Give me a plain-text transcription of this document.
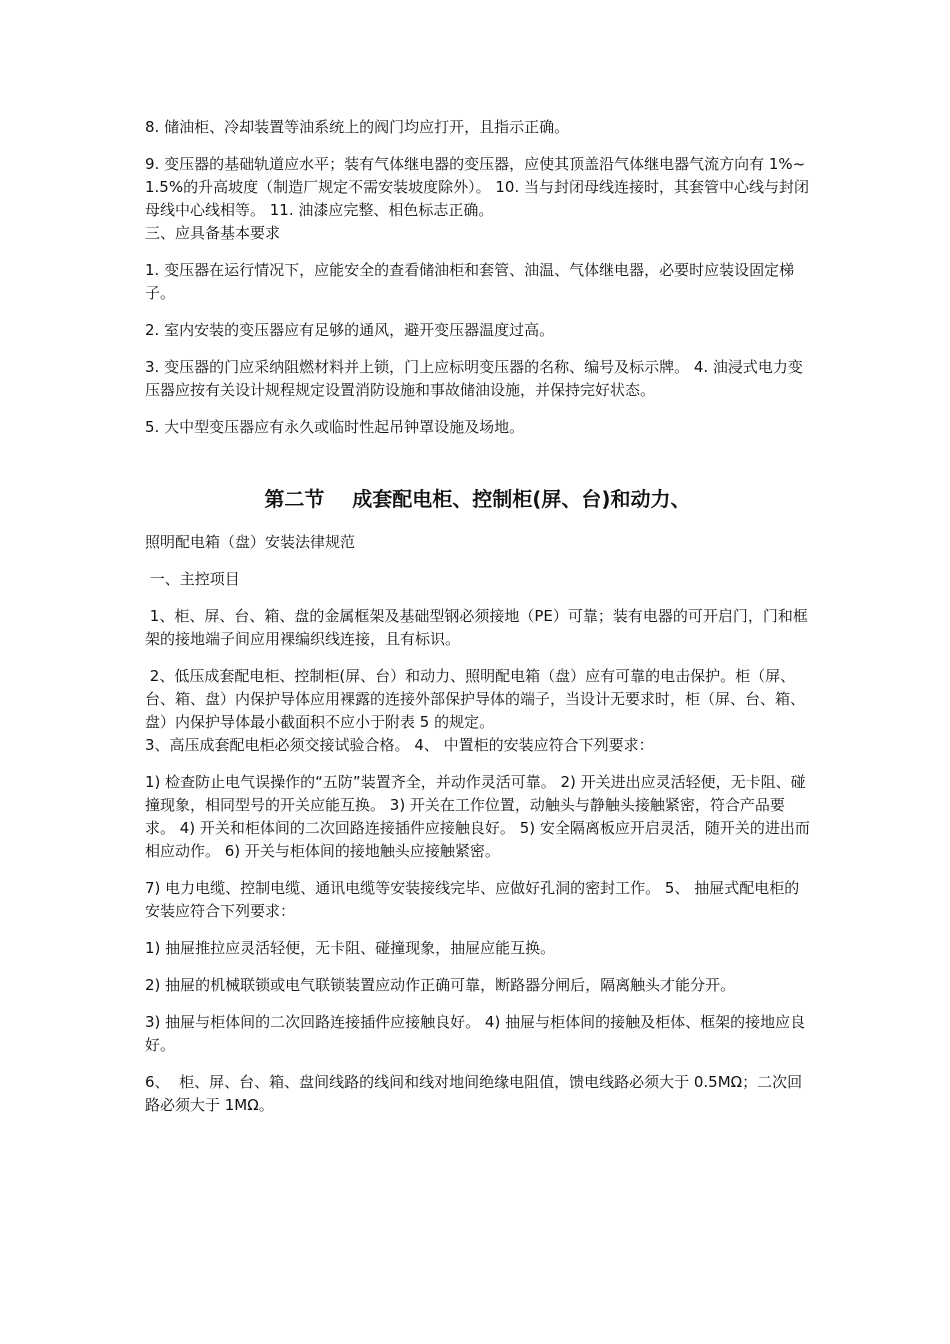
8. 储油柜、冷却装置等油系统上的阀门均应打开，且指示正确。

9. 变压器的基础轨道应水平；装有气体继电器的变压器，应使其顶盖沿气体继电器气流方向有 1%~1.5%的升高坡度（制造厂规定不需安装坡度除外）。 10. 当与封闭母线连接时，其套管中心线与封闭母线中心线相等。 11. 油漆应完整、相色标志正确。

三、应具备基本要求

1. 变压器在运行情况下，应能安全的查看储油柜和套管、油温、气体继电器，必要时应装设固定梯子。

2. 室内安装的变压器应有足够的通风，避开变压器温度过高。

3. 变压器的门应采纳阻燃材料并上锁，门上应标明变压器的名称、编号及标示牌。 4. 油浸式电力变压器应按有关设计规程规定设置消防设施和事故储油设施，并保持完好状态。

5. 大中型变压器应有永久或临时性起吊钟罩设施及场地。

第二节    成套配电柜、控制柜(屏、台)和动力、

照明配电箱（盘）安装法律规范

一、主控项目

1、柜、屏、台、箱、盘的金属框架及基础型钢必须接地（PE）可靠；装有电器的可开启门，门和框架的接地端子间应用裸编织线连接，且有标识。

2、低压成套配电柜、控制柜(屏、台）和动力、照明配电箱（盘）应有可靠的电击保护。柜（屏、台、箱、盘）内保护导体应用裸露的连接外部保护导体的端子，当设计无要求时，柜（屏、台、箱、盘）内保护导体最小截面积不应小于附表 5 的规定。

3、高压成套配电柜必须交接试验合格。 4、 中置柜的安装应符合下列要求：

1) 检查防止电气误操作的“五防”装置齐全，并动作灵活可靠。 2) 开关进出应灵活轻便，无卡阻、碰撞现象，相同型号的开关应能互换。 3) 开关在工作位置，动触头与静触头接触紧密，符合产品要求。 4) 开关和柜体间的二次回路连接插件应接触良好。 5) 安全隔离板应开启灵活，随开关的进出而相应动作。 6) 开关与柜体间的接地触头应接触紧密。

7) 电力电缆、控制电缆、通讯电缆等安装接线完毕、应做好孔洞的密封工作。 5、 抽屉式配电柜的安装应符合下列要求：

1) 抽屉推拉应灵活轻便，无卡阻、碰撞现象，抽屉应能互换。

2) 抽屉的机械联锁或电气联锁装置应动作正确可靠，断路器分闸后，隔离触头才能分开。

3) 抽屉与柜体间的二次回路连接插件应接触良好。 4) 抽屉与柜体间的接触及柜体、框架的接地应良好。

6、  柜、屏、台、箱、盘间线路的线间和线对地间绝缘电阻值，馈电线路必须大于 0.5MΩ；二次回路必须大于 1MΩ。
